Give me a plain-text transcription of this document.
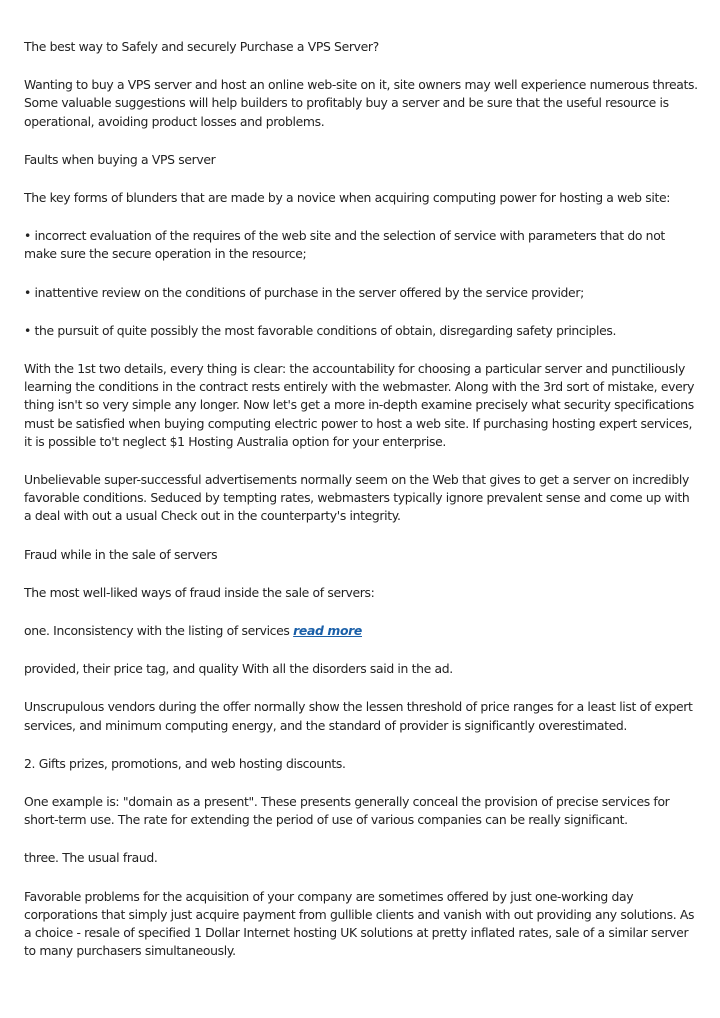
The best way to Safely and securely Purchase a VPS Server?

Wanting to buy a VPS server and host an online web-site on it, site owners may well experience numerous threats. Some valuable suggestions will help builders to profitably buy a server and be sure that the useful resource is operational, avoiding product losses and problems.

Faults when buying a VPS server

The key forms of blunders that are made by a novice when acquiring computing power for hosting a web site:

• incorrect evaluation of the requires of the web site and the selection of service with parameters that do not make sure the secure operation in the resource;

• inattentive review on the conditions of purchase in the server offered by the service provider;

• the pursuit of quite possibly the most favorable conditions of obtain, disregarding safety principles.

With the 1st two details, every thing is clear: the accountability for choosing a particular server and punctiliously learning the conditions in the contract rests entirely with the webmaster. Along with the 3rd sort of mistake, every thing isn't so very simple any longer. Now let's get a more in-depth examine precisely what security specifications must be satisfied when buying computing electric power to host a web site. If purchasing hosting expert services, it is possible to't neglect $1 Hosting Australia option for your enterprise.

Unbelievable super-successful advertisements normally seem on the Web that gives to get a server on incredibly favorable conditions. Seduced by tempting rates, webmasters typically ignore prevalent sense and come up with a deal with out a usual Check out in the counterparty's integrity.

Fraud while in the sale of servers

The most well-liked ways of fraud inside the sale of servers:

one. Inconsistency with the listing of services read more

provided, their price tag, and quality With all the disorders said in the ad.

Unscrupulous vendors during the offer normally show the lessen threshold of price ranges for a least list of expert services, and minimum computing energy, and the standard of provider is significantly overestimated.

2. Gifts prizes, promotions, and web hosting discounts.

One example is: "domain as a present". These presents generally conceal the provision of precise services for short-term use. The rate for extending the period of use of various companies can be really significant.

three. The usual fraud.

Favorable problems for the acquisition of your company are sometimes offered by just one-working day corporations that simply just acquire payment from gullible clients and vanish with out providing any solutions. As a choice - resale of specified 1 Dollar Internet hosting UK solutions at pretty inflated rates, sale of a similar server to many purchasers simultaneously.
